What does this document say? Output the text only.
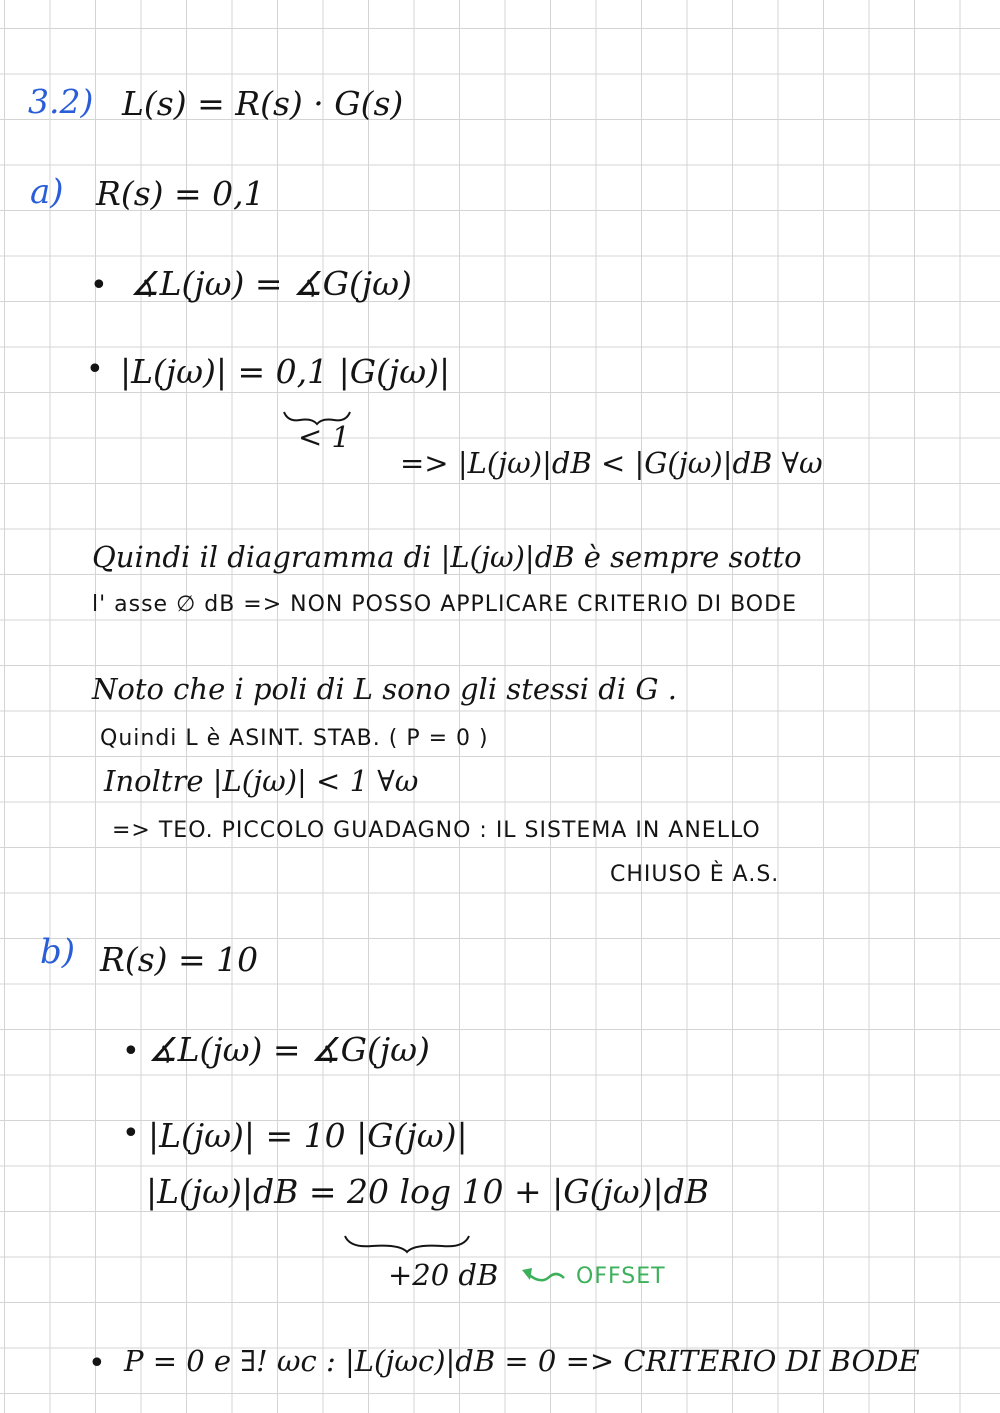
3.2) L(s) = R(s) · G(s)
a) R(s) = 0,1
• ∡L(jω) = ∡G(jω)
• |L(jω)| = 0,1 |G(jω)|
< 1
=> |L(jω)|dB < |G(jω)|dB ∀ω
Quindi il diagramma di |L(jω)|dB è sempre sotto
l' asse ∅ dB => NON POSSO APPLICARE CRITERIO DI BODE
Noto che i poli di L sono gli stessi di G .
Quindi L è ASINT. STAB. ( P = 0 )
Inoltre |L(jω)| < 1 ∀ω
=> TEO. PICCOLO GUADAGNO : IL SISTEMA IN ANELLO
CHIUSO È A.S.
b) R(s) = 10
• ∡L(jω) = ∡G(jω)
• |L(jω)| = 10 |G(jω)|
|L(jω)|dB = 20 log 10 + |G(jω)|dB
+20 dB	OFFSET
• P = 0 e ∃! ωc : |L(jωc)|dB = 0 => CRITERIO DI BODE
